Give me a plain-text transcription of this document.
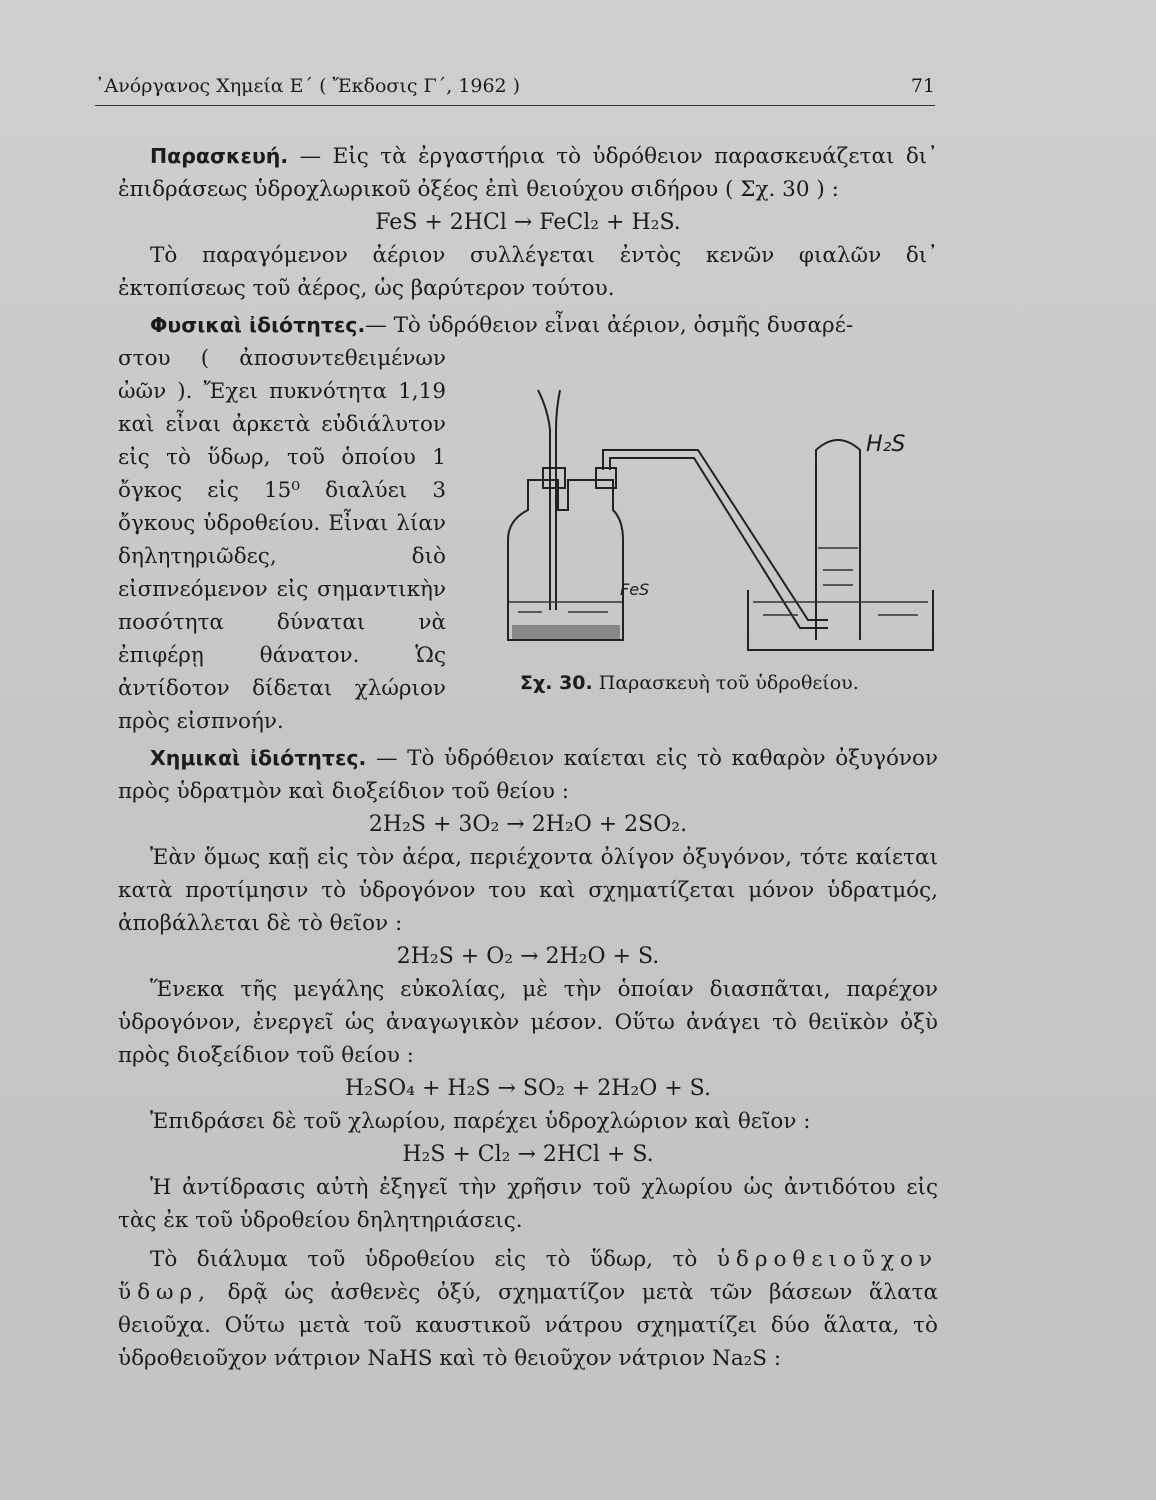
᾿Ανόργανος Χημεία Ε΄ ( Ἔκδοσις Γ΄, 1962 )	71

Παρασκευή. — Εἰς τὰ ἐργαστήρια τὸ ὑδρόθειον παρασκευάζεται δι᾿ ἐπιδράσεως ὑδροχλωρικοῦ ὀξέος ἐπὶ θειούχου σιδήρου ( Σχ. 30 ) :

FeS + 2HCl → FeCl₂ + H₂S.

Τὸ παραγόμενον ἀέριον συλλέγεται ἐντὸς κενῶν φιαλῶν δι᾿ ἐκτοπίσεως τοῦ ἀέρος, ὡς βαρύτερον τούτου.

Φυσικαὶ ἰδιότητες.— Τὸ ὑδρόθειον εἶναι ἀέριον, ὀσμῆς δυσαρέ-

στου ( ἀποσυντεθειμένων ὠῶν ). Ἔχει πυκνότητα 1,19 καὶ εἶναι ἀρκετὰ εὐδιάλυτον εἰς τὸ ὕδωρ, τοῦ ὁποίου 1 ὄγκος εἰς 15⁰ διαλύει 3 ὄγκους ὑδροθείου. Εἶναι λίαν δηλητηριῶδες, διὸ εἰσπνεόμενον εἰς σημαντικὴν ποσότητα δύναται νὰ ἐπιφέρῃ θάνατον. Ὡς ἀντίδοτον δίδεται χλώριον πρὸς εἰσπνοήν.

Χημικαὶ ἰδιότητες. — Τὸ ὑδρόθειον καίεται εἰς τὸ καθαρὸν ὀξυγόνον πρὸς ὑδρατμὸν καὶ διοξείδιον τοῦ θείου :

2H₂S + 3O₂ → 2H₂O + 2SO₂.

Ἐὰν ὅμως καῇ εἰς τὸν ἀέρα, περιέχοντα ὀλίγον ὀξυγόνον, τότε καίεται κατὰ προτίμησιν τὸ ὑδρογόνον του καὶ σχηματίζεται μόνον ὑδρατμός, ἀποβάλλεται δὲ τὸ θεῖον :

2H₂S + O₂ → 2H₂O + S.

Ἕνεκα τῆς μεγάλης εὐκολίας, μὲ τὴν ὁποίαν διασπᾶται, παρέχον ὑδρογόνον, ἐνεργεῖ ὡς ἀναγωγικὸν μέσον. Οὕτω ἀνάγει τὸ θειϊκὸν ὀξὺ πρὸς διοξείδιον τοῦ θείου :

H₂SO₄ + H₂S → SO₂ + 2H₂O + S.

Ἐπιδράσει δὲ τοῦ χλωρίου, παρέχει ὑδροχλώριον καὶ θεῖον :

H₂S + Cl₂ → 2HCl + S.

Ἡ ἀντίδρασις αὐτὴ ἐξηγεῖ τὴν χρῆσιν τοῦ χλωρίου ὡς ἀντιδότου εἰς τὰς ἐκ τοῦ ὑδροθείου δηλητηριάσεις.

Τὸ διάλυμα τοῦ ὑδροθείου εἰς τὸ ὕδωρ, τὸ ὑδροθειοῦχον ὕδωρ, δρᾷ ὡς ἀσθενὲς ὀξύ, σχηματίζον μετὰ τῶν βάσεων ἅλατα θειοῦχα. Οὕτω μετὰ τοῦ καυστικοῦ νάτρου σχηματίζει δύο ἅλατα, τὸ ὑδροθειοῦχον νάτριον NaHS καὶ τὸ θειοῦχον νάτριον Na₂S :

H₂S
FeS
Σχ. 30. Παρασκευὴ τοῦ ὑδροθείου.
